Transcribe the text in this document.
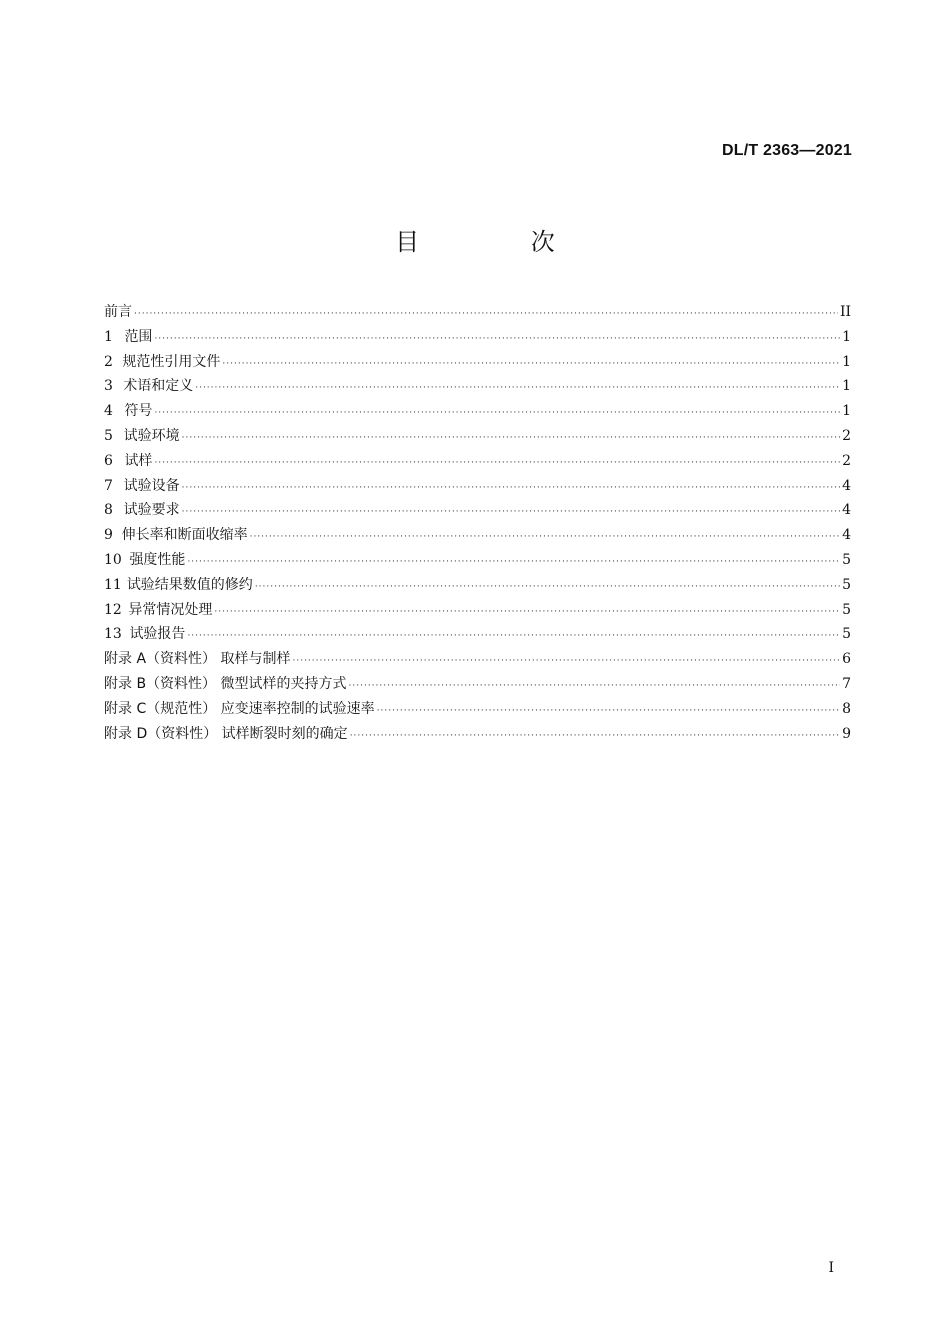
DL/T 2363—2021
目 次
前言 ·····	II
1 范围 ·····	1
2 规范性引用文件 ·····	1
3 术语和定义 ·····	1
4 符号 ·····	1
5 试验环境 ·····	2
6 试样 ·····	2
7 试验设备 ·····	4
8 试验要求 ·····	4
9 伸长率和断面收缩率 ·····	4
10 强度性能 ·····	5
11 试验结果数值的修约 ·····	5
12 异常情况处理 ·····	5
13 试验报告 ·····	5
附录 A（资料性） 取样与制样 ·····	6
附录 B（资料性） 微型试样的夹持方式 ·····	7
附录 C（规范性） 应变速率控制的试验速率 ·····	8
附录 D（资料性） 试样断裂时刻的确定 ·····	9
I
